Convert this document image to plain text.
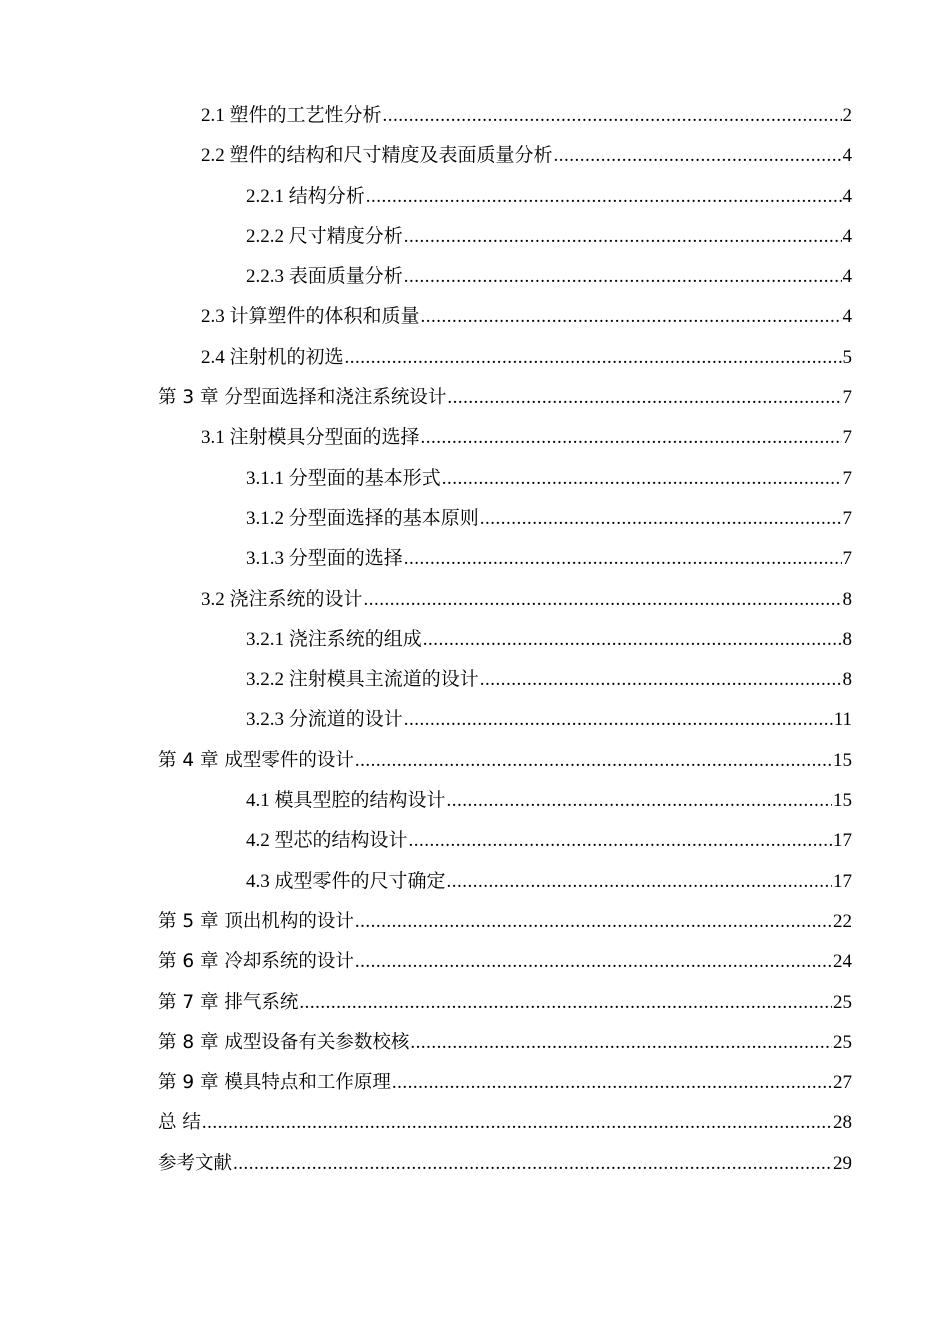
2.1 塑件的工艺性分析 .....	2
2.2 塑件的结构和尺寸精度及表面质量分析 .....	4
2.2.1 结构分析 .....	4
2.2.2 尺寸精度分析 .....	4
2.2.3 表面质量分析 .....	4
2.3 计算塑件的体积和质量 .....	4
2.4 注射机的初选 .....	5
第 3 章 分型面选择和浇注系统设计 .....	7
3.1 注射模具分型面的选择 .....	7
3.1.1 分型面的基本形式 .....	7
3.1.2 分型面选择的基本原则 .....	7
3.1.3 分型面的选择 .....	7
3.2 浇注系统的设计 .....	8
3.2.1 浇注系统的组成 .....	8
3.2.2 注射模具主流道的设计 .....	8
3.2.3 分流道的设计 .....	11
第 4 章 成型零件的设计 .....	15
4.1 模具型腔的结构设计 .....	15
4.2 型芯的结构设计 .....	17
4.3 成型零件的尺寸确定 .....	17
第 5 章 顶出机构的设计 .....	22
第 6 章 冷却系统的设计 .....	24
第 7 章 排气系统 .....	25
第 8 章 成型设备有关参数校核 .....	25
第 9 章 模具特点和工作原理 .....	27
总 结 .....	28
参考文献 .....	29
